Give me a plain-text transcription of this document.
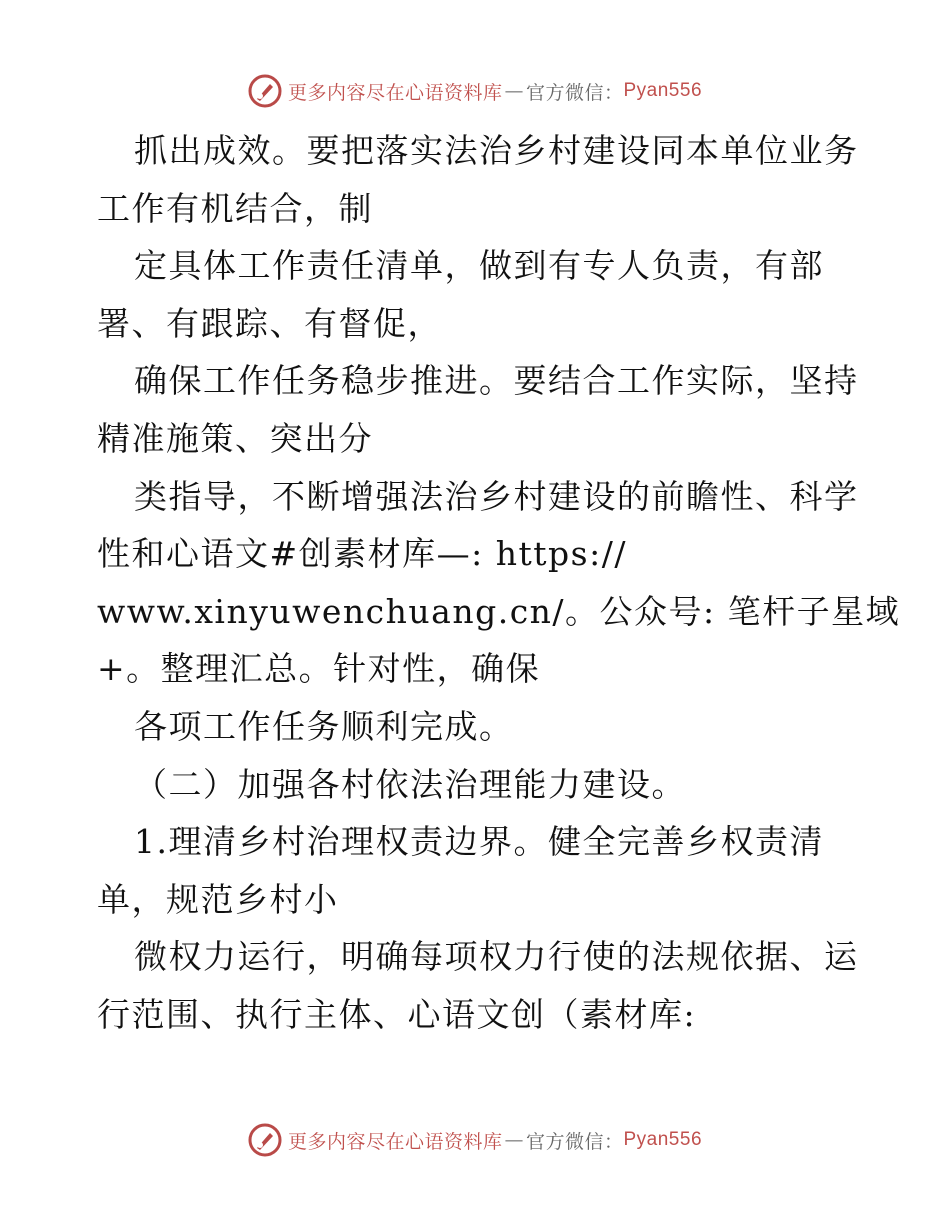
更多内容尽在心语资料库 — 官方微信： Pyan556
抓出成效。要把落实法治乡村建设同本单位业务
工作有机结合，制
定具体工作责任清单，做到有专人负责，有部
署、有跟踪、有督促，
确保工作任务稳步推进。要结合工作实际，坚持
精准施策、突出分
类指导，不断增强法治乡村建设的前瞻性、科学
性和心语文#创素材库—: https://
www.xinyuwenchuang.cn/。公众号: 笔杆子星域
+。整理汇总。针对性，确保
各项工作任务顺利完成。
（二）加强各村依法治理能力建设。
1.理清乡村治理权责边界。健全完善乡权责清
单，规范乡村小
微权力运行，明确每项权力行使的法规依据、运
行范围、执行主体、心语文创（素材库:
更多内容尽在心语资料库 — 官方微信： Pyan556
